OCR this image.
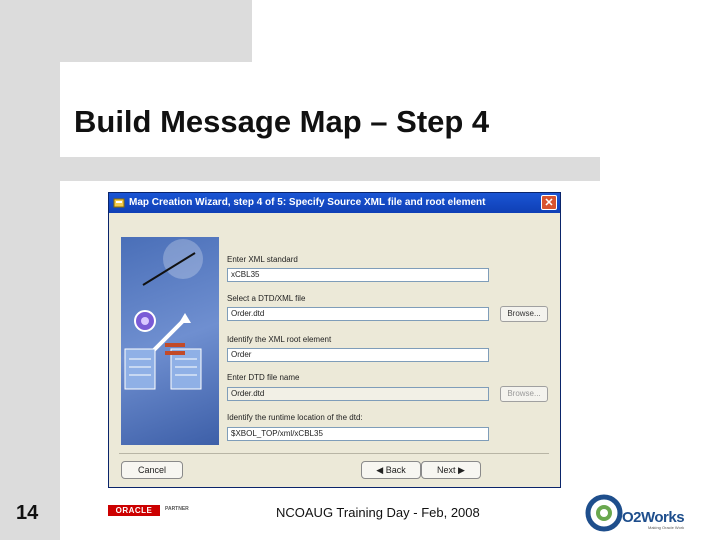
Build Message Map – Step 4
Map Creation Wizard, step 4 of 5: Specify Source XML file and root element	✕
Enter XML standard
xCBL35
Select a DTD/XML file
Order.dtd	Browse...
Identify the XML root element
Order
Enter DTD file name
Order.dtd	Browse...
Identify the runtime location of the dtd:
$XBOL_TOP/xml/xCBL35
Cancel	◀ Back	Next ▶
14	ORACLE	PARTNER	NCOAUG Training Day - Feb, 2008	O2Works
Making Oracle Work
